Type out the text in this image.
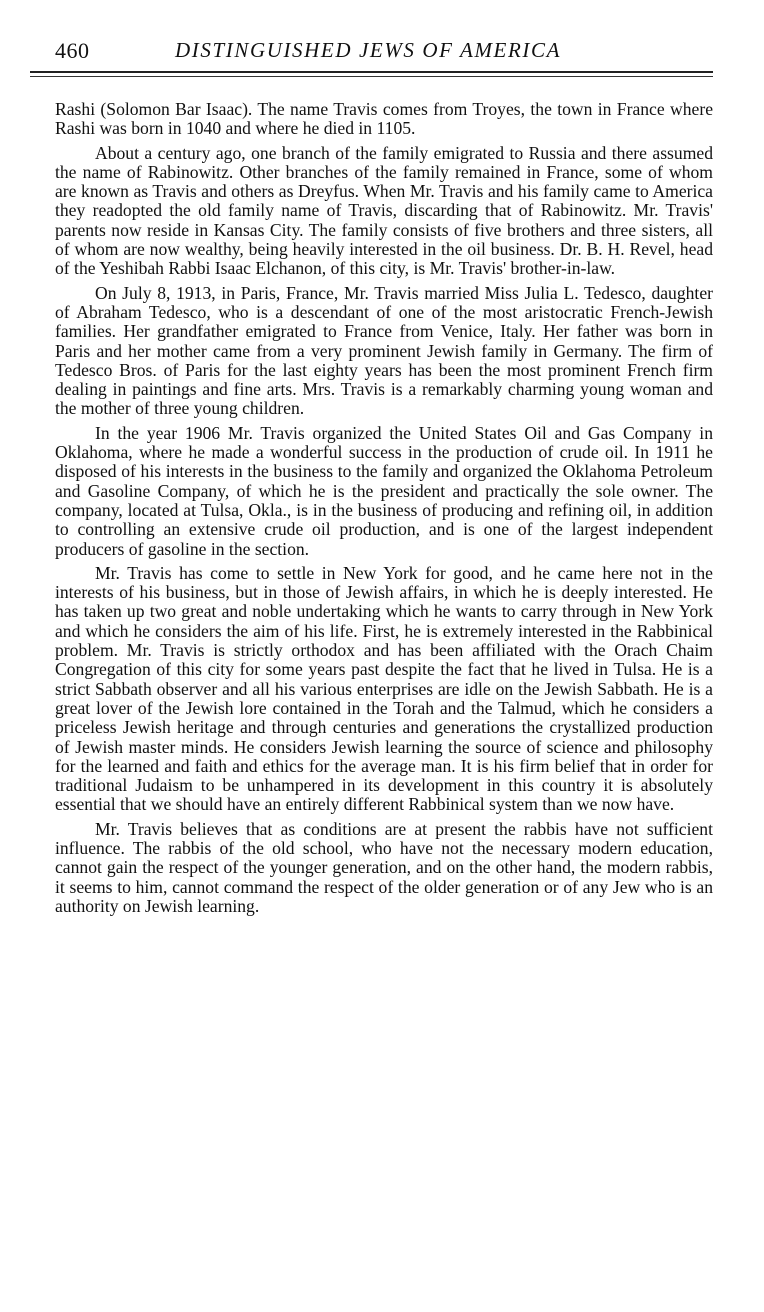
460	DISTINGUISHED JEWS OF AMERICA

Rashi (Solomon Bar Isaac). The name Travis comes from Troyes, the town in France where Rashi was born in 1040 and where he died in 1105.

About a century ago, one branch of the family emigrated to Russia and there assumed the name of Rabinowitz. Other branches of the family remained in France, some of whom are known as Travis and others as Dreyfus. When Mr. Travis and his family came to America they readopted the old family name of Travis, discarding that of Rabinowitz. Mr. Travis' parents now reside in Kansas City. The family consists of five brothers and three sisters, all of whom are now wealthy, being heavily interested in the oil business. Dr. B. H. Revel, head of the Yeshibah Rabbi Isaac Elchanon, of this city, is Mr. Travis' brother-in-law.

On July 8, 1913, in Paris, France, Mr. Travis married Miss Julia L. Tedesco, daughter of Abraham Tedesco, who is a descendant of one of the most aristocratic French-Jewish families. Her grandfather emigrated to France from Venice, Italy. Her father was born in Paris and her mother came from a very prominent Jewish family in Germany. The firm of Tedesco Bros. of Paris for the last eighty years has been the most prominent French firm dealing in paintings and fine arts. Mrs. Travis is a remarkably charming young woman and the mother of three young children.

In the year 1906 Mr. Travis organized the United States Oil and Gas Company in Oklahoma, where he made a wonderful success in the production of crude oil. In 1911 he disposed of his interests in the business to the family and organized the Oklahoma Petroleum and Gasoline Company, of which he is the president and practically the sole owner. The company, located at Tulsa, Okla., is in the business of producing and refining oil, in addition to controlling an extensive crude oil production, and is one of the largest independent producers of gasoline in the section.

Mr. Travis has come to settle in New York for good, and he came here not in the interests of his business, but in those of Jewish affairs, in which he is deeply interested. He has taken up two great and noble undertaking which he wants to carry through in New York and which he considers the aim of his life. First, he is extremely interested in the Rabbinical problem. Mr. Travis is strictly orthodox and has been affiliated with the Orach Chaim Congregation of this city for some years past despite the fact that he lived in Tulsa. He is a strict Sabbath observer and all his various enterprises are idle on the Jewish Sabbath. He is a great lover of the Jewish lore contained in the Torah and the Talmud, which he considers a priceless Jewish heritage and through centuries and generations the crystallized production of Jewish master minds. He considers Jewish learning the source of science and philosophy for the learned and faith and ethics for the average man. It is his firm belief that in order for traditional Judaism to be unhampered in its development in this country it is absolutely essential that we should have an entirely different Rabbinical system than we now have.

Mr. Travis believes that as conditions are at present the rabbis have not sufficient influence. The rabbis of the old school, who have not the necessary modern education, cannot gain the respect of the younger generation, and on the other hand, the modern rabbis, it seems to him, cannot command the respect of the older generation or of any Jew who is an authority on Jewish learning.
